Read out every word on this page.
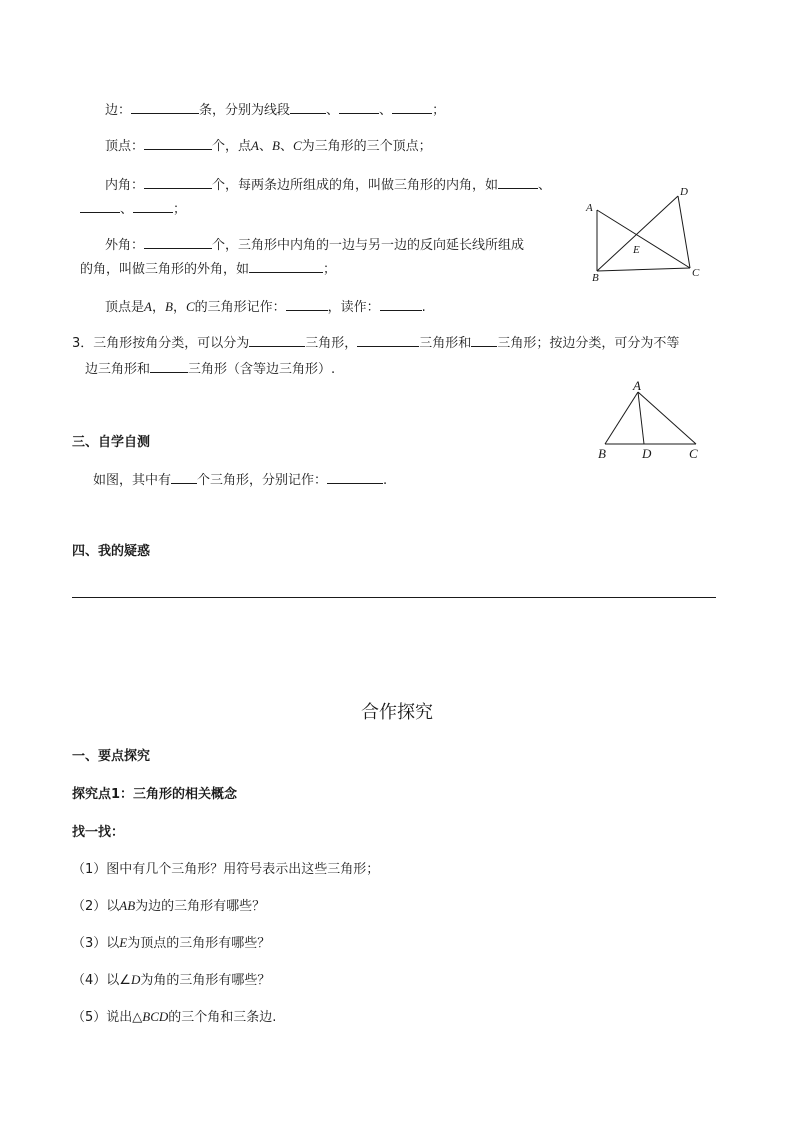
边：	条，分别为线段	、	、	；
顶点：	个，点A、B、C为三角形的三个顶点；
内角：	个，每两条边所组成的角，叫做三角形的内角，如	、
、	；
外角：	个，三角形中内角的一边与另一边的反向延长线所组成
的角，叫做三角形的外角，如	；
顶点是A，B，C的三角形记作：	，读作：	.
3．三角形按角分类，可以分为	三角形，	三角形和 三角形；按边分类，可分为不等
边三角形和	三角形（含等边三角形）.
三、自学自测
如图，其中有 个三角形，分别记作：	.
四、我的疑惑
合作探究
一、要点探究
探究点1：三角形的相关概念
找一找：
（1）图中有几个三角形？用符号表示出这些三角形；
（2）以AB为边的三角形有哪些？
（3）以E为顶点的三角形有哪些？
（4）以∠D为角的三角形有哪些？
（5）说出△BCD的三个角和三条边.
A
B	C
D
E
A
B	D	C
